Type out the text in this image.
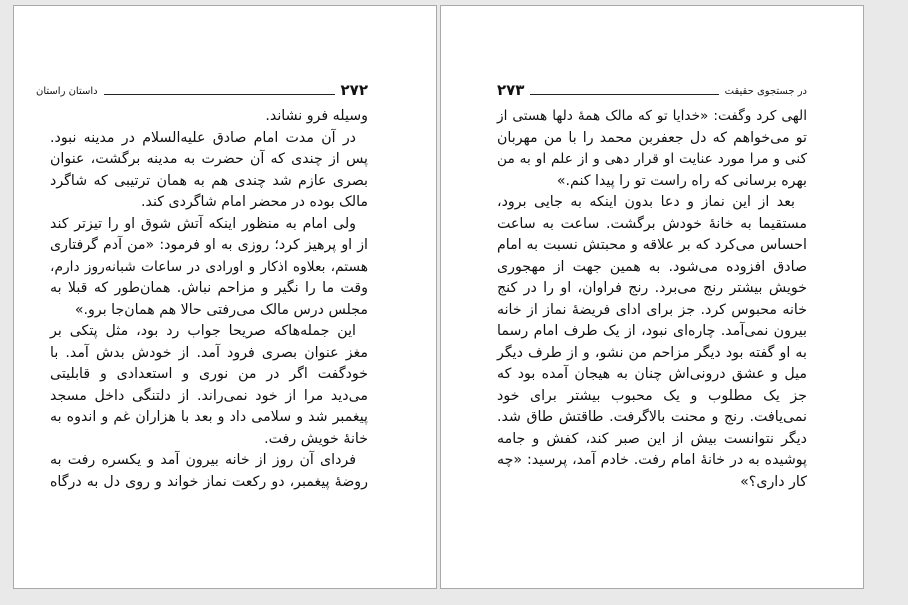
۲۷۲
داستان راستان
وسیله فرو نشاند.
در آن مدت امام صادق علیه‌السلام در مدینه نبود.
پس از چندی که آن حضرت به مدینه برگشت، عنوان
بصری عازم شد چندی هم به همان ترتیبی که شاگرد
مالک بوده در محضر امام شاگردی کند.
ولی امام به منظور اینکه آتش شوق او را تیزتر کند
از او پرهیز کرد؛ روزی به او فرمود: «من آدم گرفتاری
هستم، بعلاوه اذکار و اورادی در ساعات شبانه‌روز دارم،
وقت ما را نگیر و مزاحم نباش. همان‌طور که قبلا به
مجلس درس مالک می‌رفتی حالا هم همان‌جا برو.»
این جمله‌هاکه صریحا جواب رد بود، مثل پتکی بر
مغز عنوان بصری فرود آمد. از خودش بدش آمد. با
خودگفت اگر در من نوری و استعدادی و قابلیتی
می‌دید مرا از خود نمی‌راند. از دلتنگی داخل مسجد
پیغمبر شد و سلامی داد و بعد با هزاران غم و اندوه به
خانهٔ خویش رفت.
فردای آن روز از خانه بیرون آمد و یکسره رفت به
روضهٔ پیغمبر، دو رکعت نماز خواند و روی دل به درگاه
در جستجوی حقیقت
۲۷۳
الهی کرد وگفت: «خدایا تو که مالک همهٔ دلها هستی از
تو می‌خواهم که دل جعفربن محمد را با من مهربان
کنی و مرا مورد عنایت او قرار دهی و از علم او به من
بهره برسانی که راه راست تو را پیدا کنم.»
بعد از این نماز و دعا بدون اینکه به جایی برود،
مستقیما به خانهٔ خودش برگشت. ساعت به ساعت
احساس می‌کرد که بر علاقه و محبتش نسبت به امام
صادق افزوده می‌شود. به همین جهت از مهجوری
خویش بیشتر رنج می‌برد. رنج فراوان، او را در کنج
خانه محبوس کرد. جز برای ادای فریضهٔ نماز از خانه
بیرون نمی‌آمد. چاره‌ای نبود، از یک طرف امام رسما
به او گفته بود دیگر مزاحم من نشو، و از طرف دیگر
میل و عشق درونی‌اش چنان به هیجان آمده بود که
جز یک مطلوب و یک محبوب بیشتر برای خود
نمی‌یافت. رنج و محنت بالاگرفت. طاقتش طاق شد.
دیگر نتوانست بیش از این صبر کند، کفش و جامه
پوشیده به در خانهٔ امام رفت. خادم آمد، پرسید: «چه
کار داری؟»
